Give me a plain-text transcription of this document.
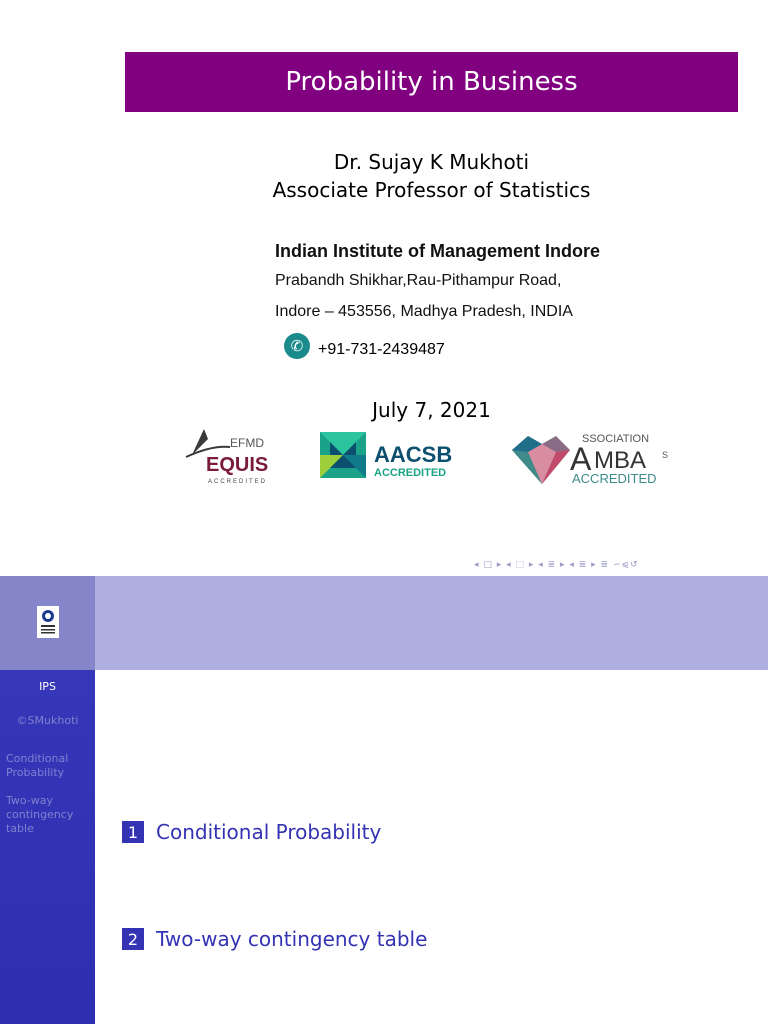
Probability in Business
Dr. Sujay K Mukhoti
Associate Professor of Statistics
Indian Institute of Management Indore
Prabandh Shikhar,Rau-Pithampur Road,
Indore – 453556, Madhya Pradesh, INDIA
✆ +91-731-2439487
July 7, 2021
EFMD
EQUIS
ACCREDITED
AACSB
ACCREDITED
SSOCIATION
A MBA S
ACCREDITED
◂ □ ▸ ◂ ⬚ ▸ ◂ ≣ ▸ ◂ ≣ ▸ ≣ ∽⩿↺
IPS
©SMukhoti
Conditional Probability
Two-way contingency table	1 Conditional Probability
2 Two-way contingency table
